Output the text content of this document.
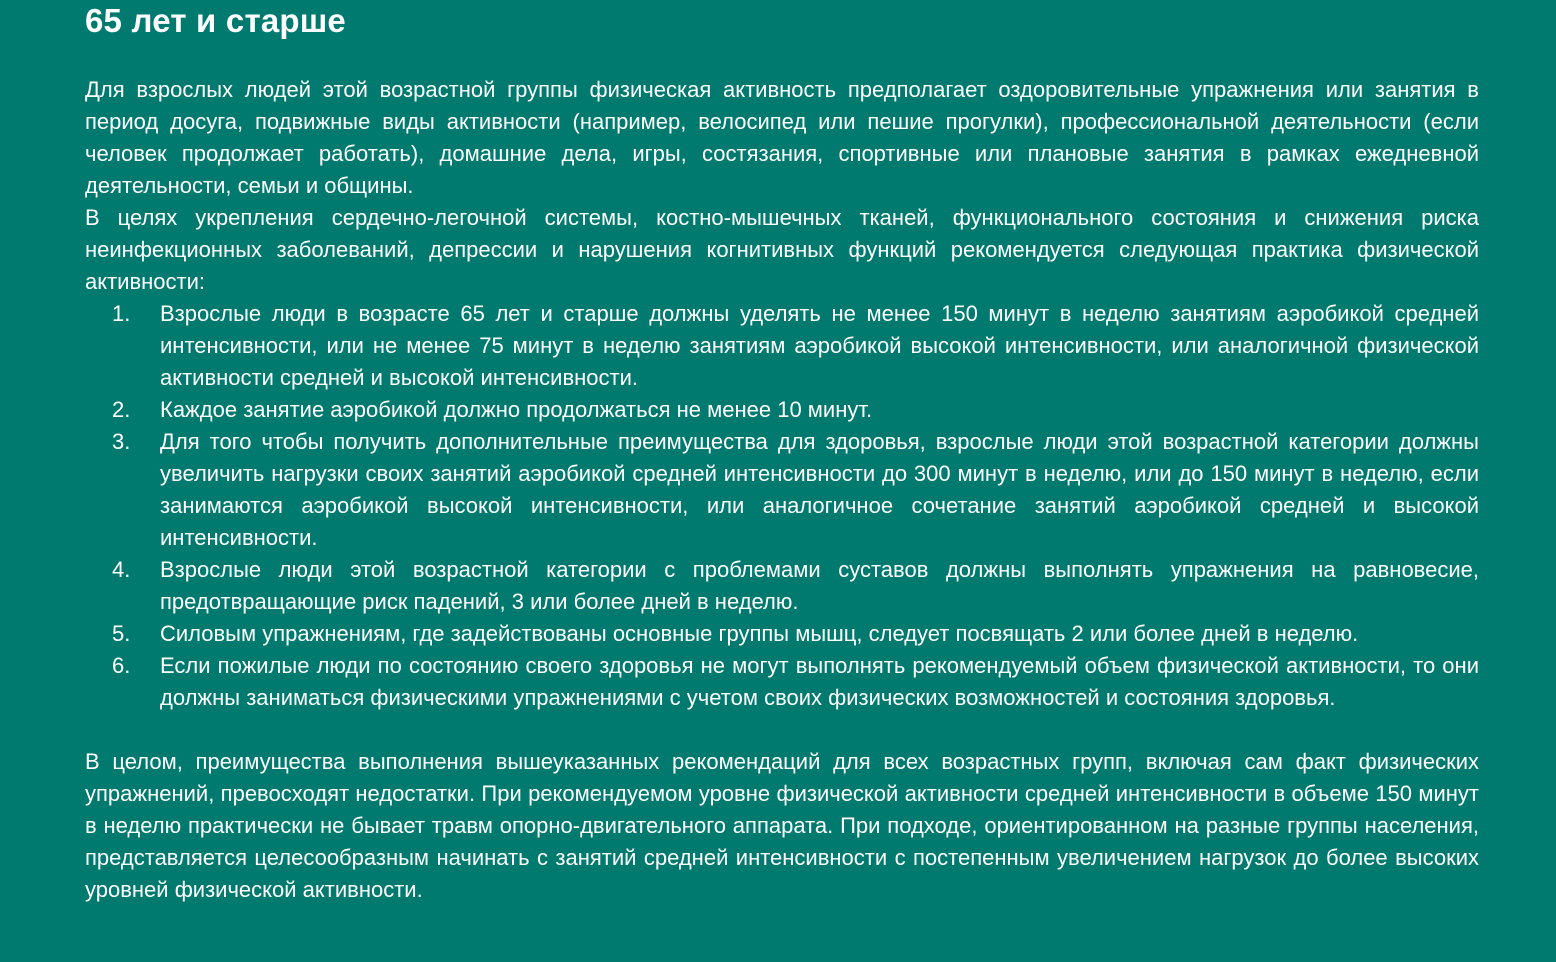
65 лет и старше

Для взрослых людей этой возрастной группы физическая активность предполагает оздоровительные упражнения или занятия в период досуга, подвижные виды активности (например, велосипед или пешие прогулки), профессиональной деятельности (если человек продолжает работать), домашние дела, игры, состязания, спортивные или плановые занятия в рамках ежедневной деятельности, семьи и общины.

В целях укрепления сердечно-легочной системы, костно-мышечных тканей, функционального состояния и снижения риска неинфекционных заболеваний, депрессии и нарушения когнитивных функций рекомендуется следующая практика физической активности:

1. Взрослые люди в возрасте 65 лет и старше должны уделять не менее 150 минут в неделю занятиям аэробикой средней интенсивности, или не менее 75 минут в неделю занятиям аэробикой высокой интенсивности, или аналогичной физической активности средней и высокой интенсивности.
2. Каждое занятие аэробикой должно продолжаться не менее 10 минут.
3. Для того чтобы получить дополнительные преимущества для здоровья, взрослые люди этой возрастной категории должны увеличить нагрузки своих занятий аэробикой средней интенсивности до 300 минут в неделю, или до 150 минут в неделю, если занимаются аэробикой высокой интенсивности, или аналогичное сочетание занятий аэробикой средней и высокой интенсивности.
4. Взрослые люди этой возрастной категории с проблемами суставов должны выполнять упражнения на равновесие, предотвращающие риск падений, 3 или более дней в неделю.
5. Силовым упражнениям, где задействованы основные группы мышц, следует посвящать 2 или более дней в неделю.
6. Если пожилые люди по состоянию своего здоровья не могут выполнять рекомендуемый объем физической активности, то они должны заниматься физическими упражнениями с учетом своих физических возможностей и состояния здоровья.

В целом, преимущества выполнения вышеуказанных рекомендаций для всех возрастных групп, включая сам факт физических упражнений, превосходят недостатки. При рекомендуемом уровне физической активности средней интенсивности в объеме 150 минут в неделю практически не бывает травм опорно-двигательного аппарата. При подходе, ориентированном на разные группы населения, представляется целесообразным начинать с занятий средней интенсивности с постепенным увеличением нагрузок до более высоких уровней физической активности.
